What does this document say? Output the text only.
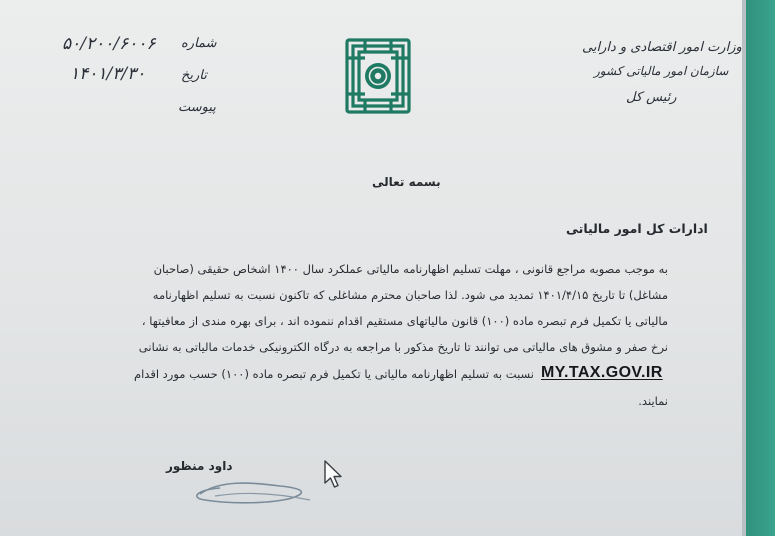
وزارت امور اقتصادی و دارایی
سازمان امور مالیاتی کشور
رئیس کل
۵۰/۲۰۰/۶۰۰۶ شماره
۱۴۰۱/۳/۳۰	تاریخ
پیوست
بسمه تعالی
ادارات کل امور مالیاتی
به موجب مصوبه مراجع قانونی ، مهلت تسلیم اظهارنامه مالیاتی عملکرد سال ۱۴۰۰ اشخاص حقیقی (صاحبان
مشاغل) تا تاریخ ۱۴۰۱/۴/۱۵ تمدید می شود. لذا صاحبان محترم مشاغلی که تاکنون نسبت به تسلیم اظهارنامه
مالیاتی یا تکمیل فرم تبصره ماده (۱۰۰) قانون مالیاتهای مستقیم اقدام ننموده اند ، برای بهره مندی از معافیتها ،
نرخ صفر و مشوق های مالیاتی می توانند تا تاریخ مذکور با مراجعه به درگاه الکترونیکی خدمات مالیاتی به نشانی
نسبت به تسلیم اظهارنامه مالیاتی یا تکمیل فرم تبصره ماده (۱۰۰) حسب مورد اقدام MY.TAX.GOV.IR
نمایند.
داود منظور
